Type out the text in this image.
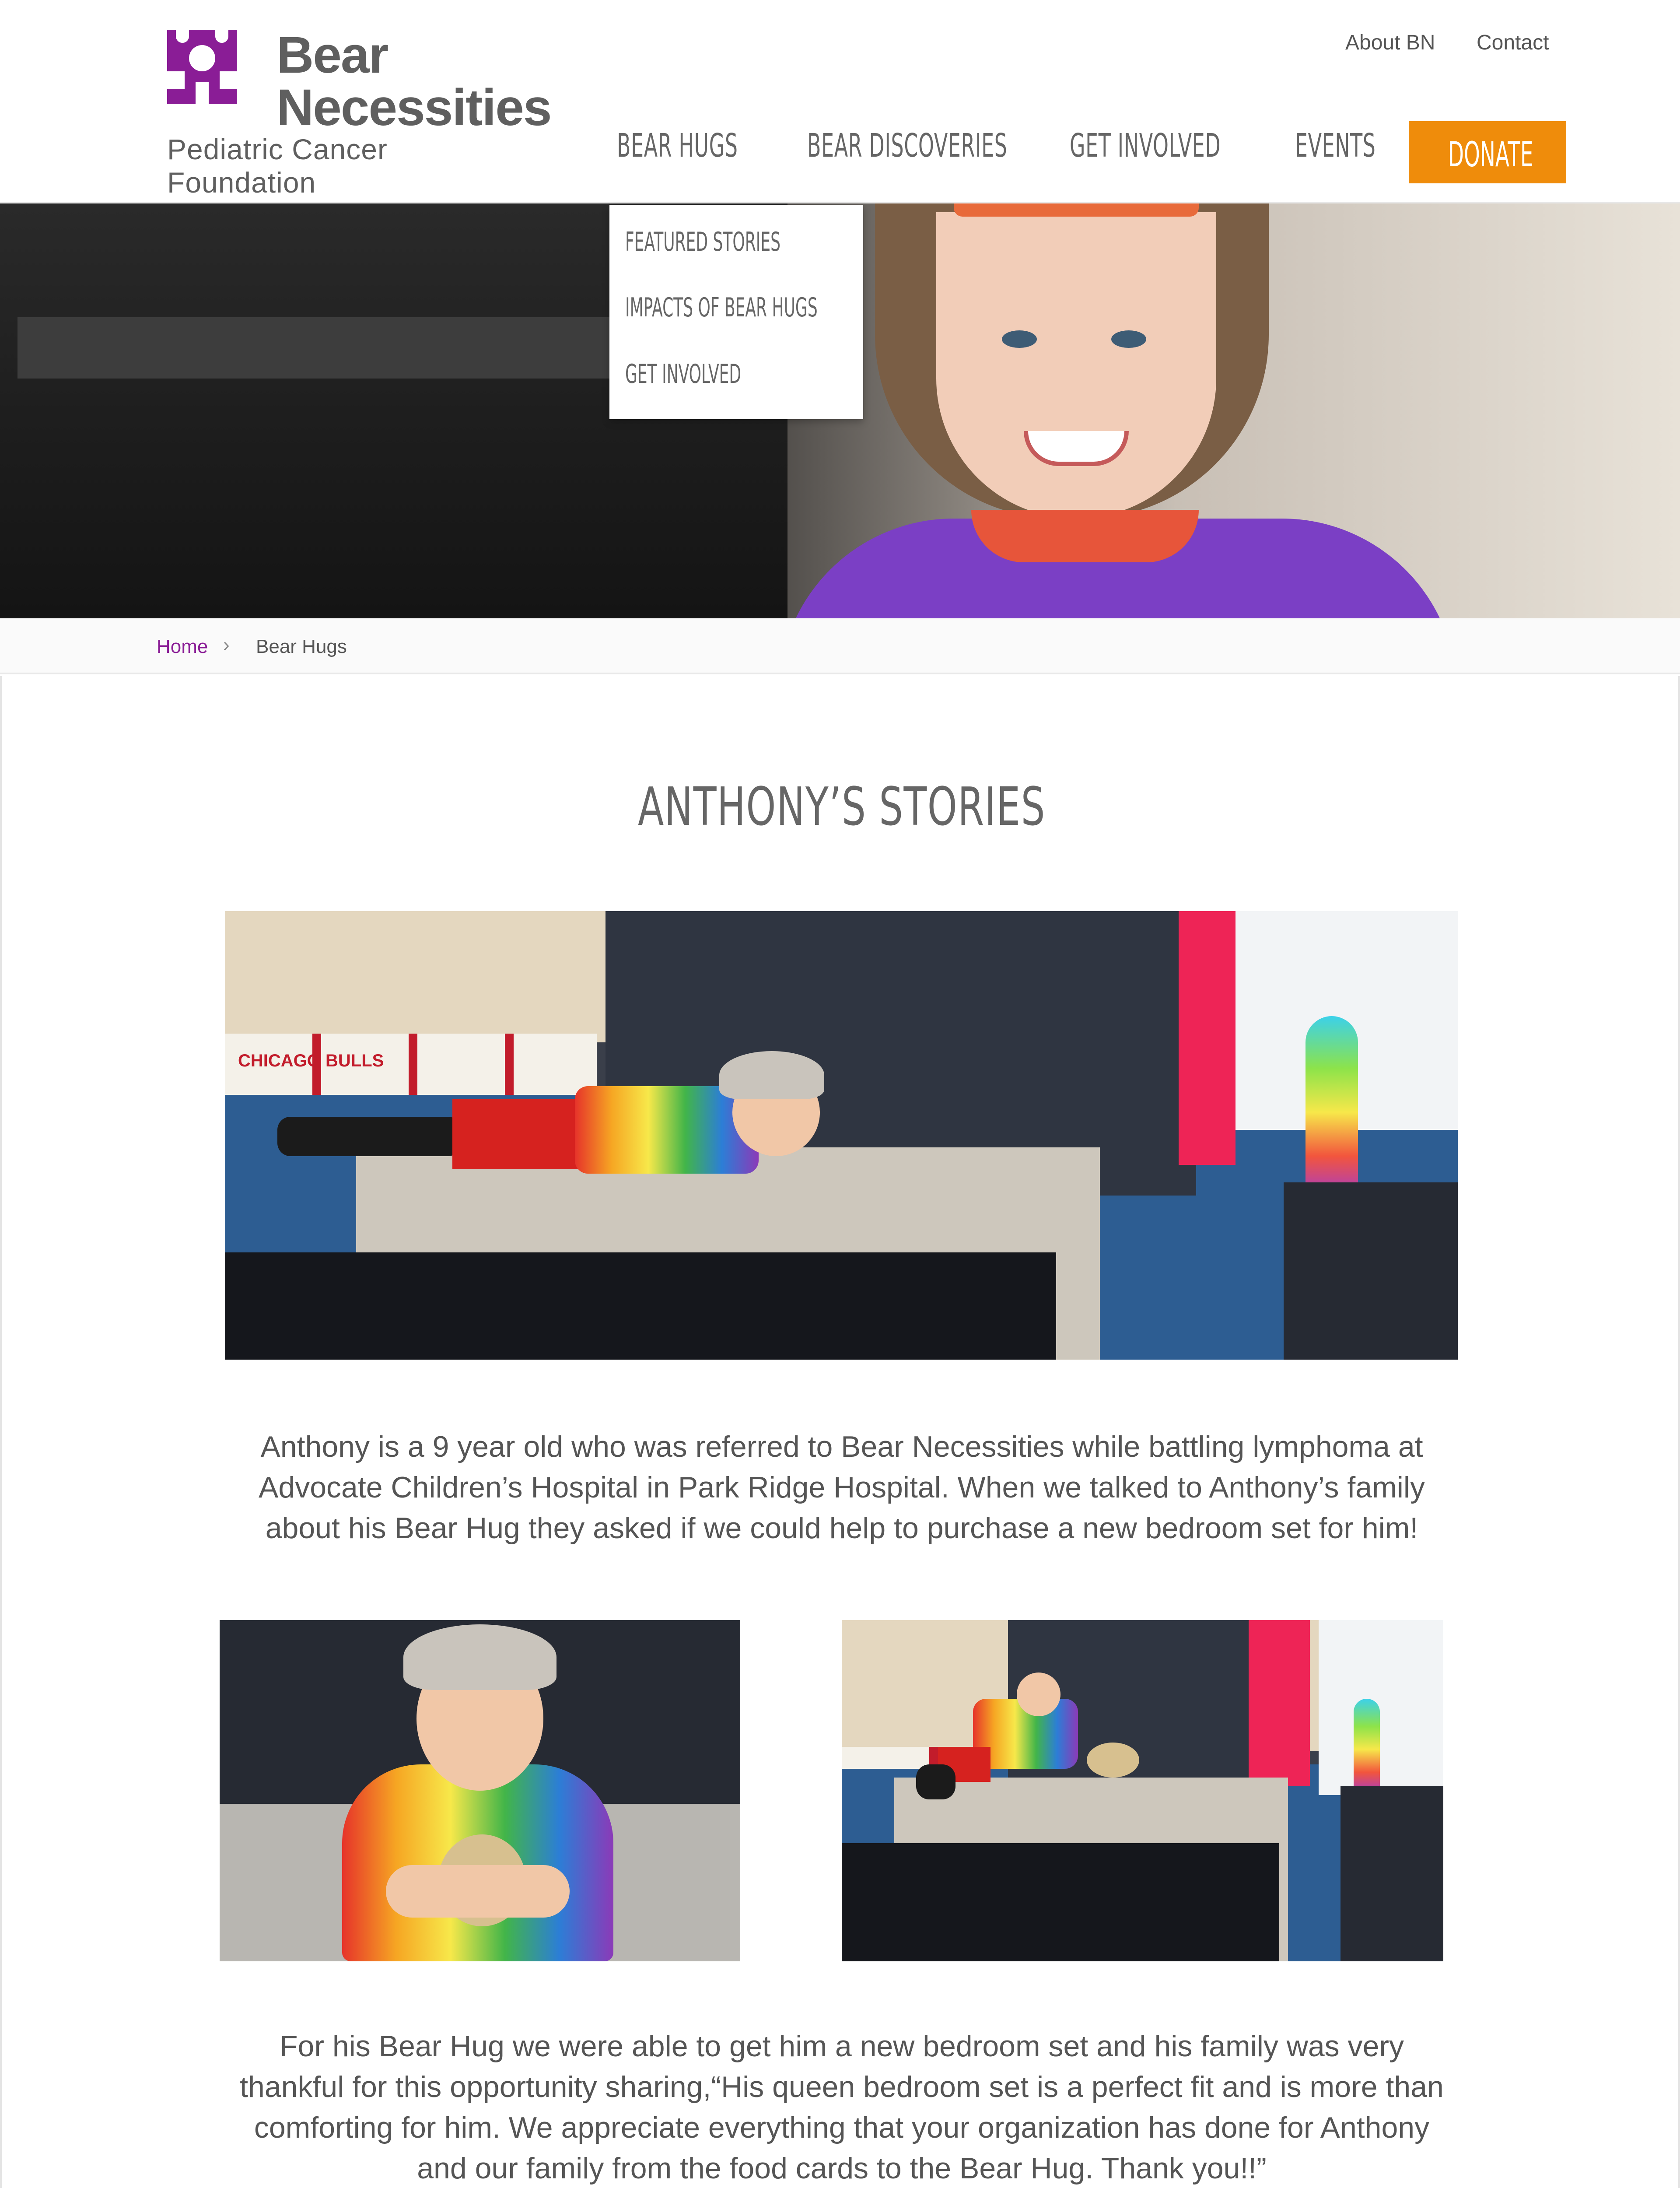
Bear
Necessities
Pediatric Cancer Foundation
About BN Contact
BEAR HUGS BEAR DISCOVERIES GET INVOLVED EVENTS DONATE
FEATURED STORIES
IMPACTS OF BEAR HUGS
GET INVOLVED
Home › Bear Hugs
ANTHONY’S STORIES
CHICAGO BULLS

Anthony is a 9 year old who was referred to Bear Necessities while battling lymphoma at Advocate Children’s Hospital in Park Ridge Hospital. When we talked to Anthony’s family about his Bear Hug they asked if we could help to purchase a new bedroom set for him!

For his Bear Hug we were able to get him a new bedroom set and his family was very thankful for this opportunity sharing,“His queen bedroom set is a perfect fit and is more than comforting for him. We appreciate everything that your organization has done for Anthony and our family from the food cards to the Bear Hug. Thank you!!”
